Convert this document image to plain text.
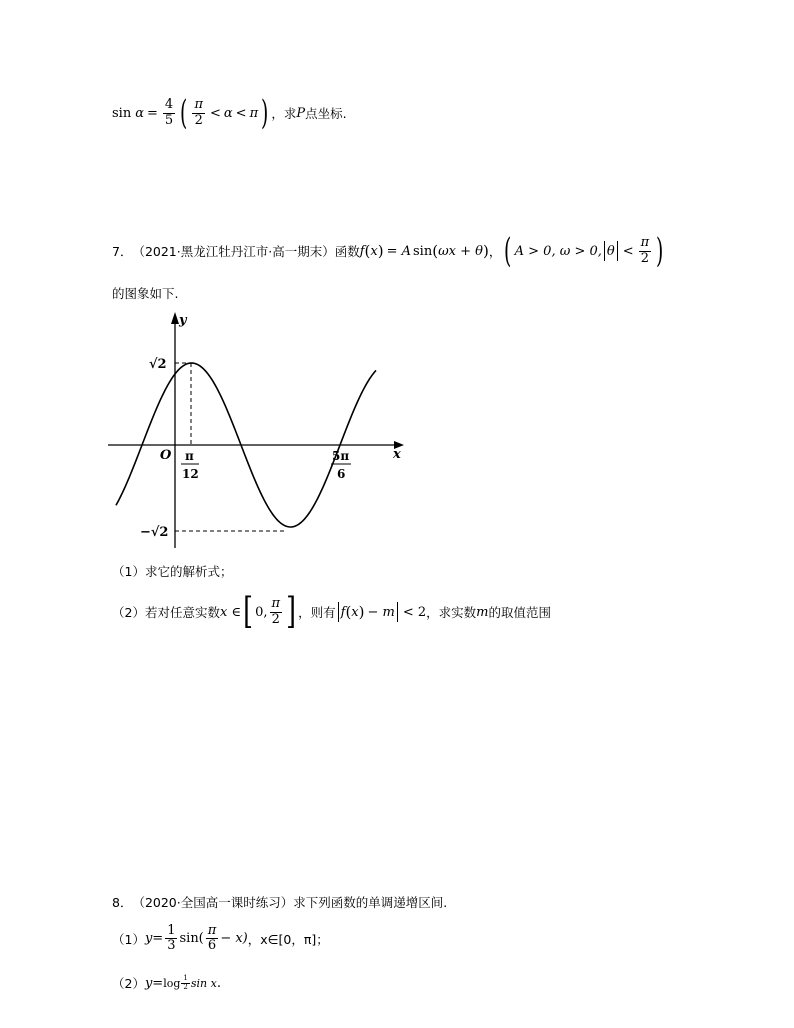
$\sin \alpha = \frac{4}{5}$ ( $\frac{\pi}{2} < \alpha < \pi$ ) ，求 P 点坐标.
7． （2021·黑龙江牡丹江市·高一期末）函数 f ( x ) = A sin ( ωx + θ ) ， ( A > 0, ω > 0, $\theta < \frac{\pi}{2}$ )
的图象如下.
y
x
O
√2
−√2
π
12
5π
6
（1）求它的解析式；
（2）若对任意实数 x ∈ [ 0, $\frac{\pi}{2}$ ] ，则有 f ( x ) − m < 2 ，求实数 m 的取值范围
8． （2020·全国高一课时练习）求下列函数的单调递增区间.
（1） $y= \frac{1}{3} \sin( \frac{\pi}{6} - x)$ ，x∈[0，π]；
（2） $y= \log \frac{1}{2}$ sin x .
